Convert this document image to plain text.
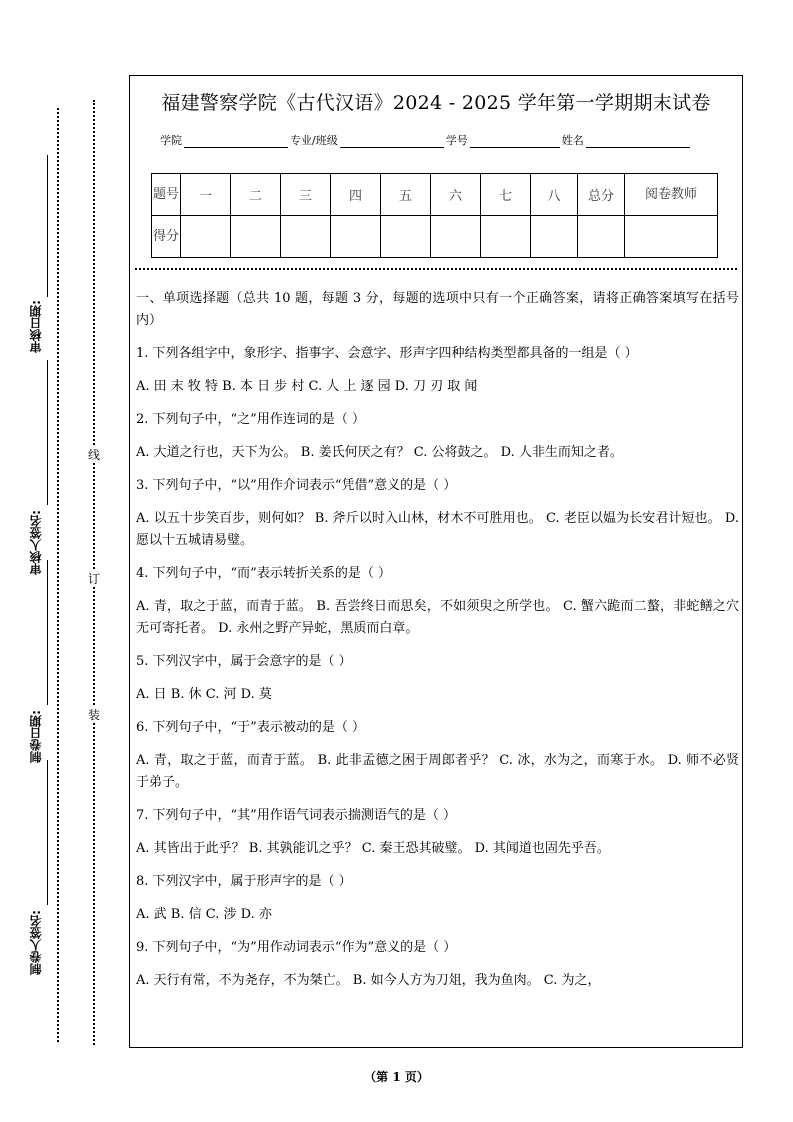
审核日期:
审核人签名:
制卷日期:
制卷人签名:
线
订
装
福建警察学院《古代汉语》2024 - 2025 学年第一学期期末试卷
学院	专业/班级	学号	姓名
题号	一	二	三	四	五	六	七	八	总分	阅卷教师
得分										

一、单项选择题（总共 10 题，每题 3 分，每题的选项中只有一个正确答案，请将正确答案填写在括号内）

1. 下列各组字中，象形字、指事字、会意字、形声字四种结构类型都具备的一组是（ ）

A. 田 末 牧 特 B. 本 日 步 村 C. 人 上 逐 园 D. 刀 刃 取 闻

2. 下列句子中，“之”用作连词的是（ ）

A. 大道之行也，天下为公。 B. 姜氏何厌之有？ C. 公将鼓之。 D. 人非生而知之者。

3. 下列句子中，“以”用作介词表示“凭借”意义的是（ ）

A. 以五十步笑百步，则何如？ B. 斧斤以时入山林，材木不可胜用也。 C. 老臣以媪为长安君计短也。 D. 愿以十五城请易璧。

4. 下列句子中，“而”表示转折关系的是（ ）

A. 青，取之于蓝，而青于蓝。 B. 吾尝终日而思矣，不如须臾之所学也。 C. 蟹六跪而二螯，非蛇鳝之穴无可寄托者。 D. 永州之野产异蛇，黑质而白章。

5. 下列汉字中，属于会意字的是（ ）

A. 日 B. 休 C. 河 D. 莫

6. 下列句子中，“于”表示被动的是（ ）

A. 青，取之于蓝，而青于蓝。 B. 此非孟德之困于周郎者乎？ C. 冰，水为之，而寒于水。 D. 师不必贤于弟子。

7. 下列句子中，“其”用作语气词表示揣测语气的是（ ）

A. 其皆出于此乎？ B. 其孰能讥之乎？ C. 秦王恐其破璧。 D. 其闻道也固先乎吾。

8. 下列汉字中，属于形声字的是（ ）

A. 武 B. 信 C. 涉 D. 亦

9. 下列句子中，“为”用作动词表示“作为”意义的是（ ）

A. 天行有常，不为尧存，不为桀亡。 B. 如今人方为刀俎，我为鱼肉。 C. 为之，

（第 1 页）
